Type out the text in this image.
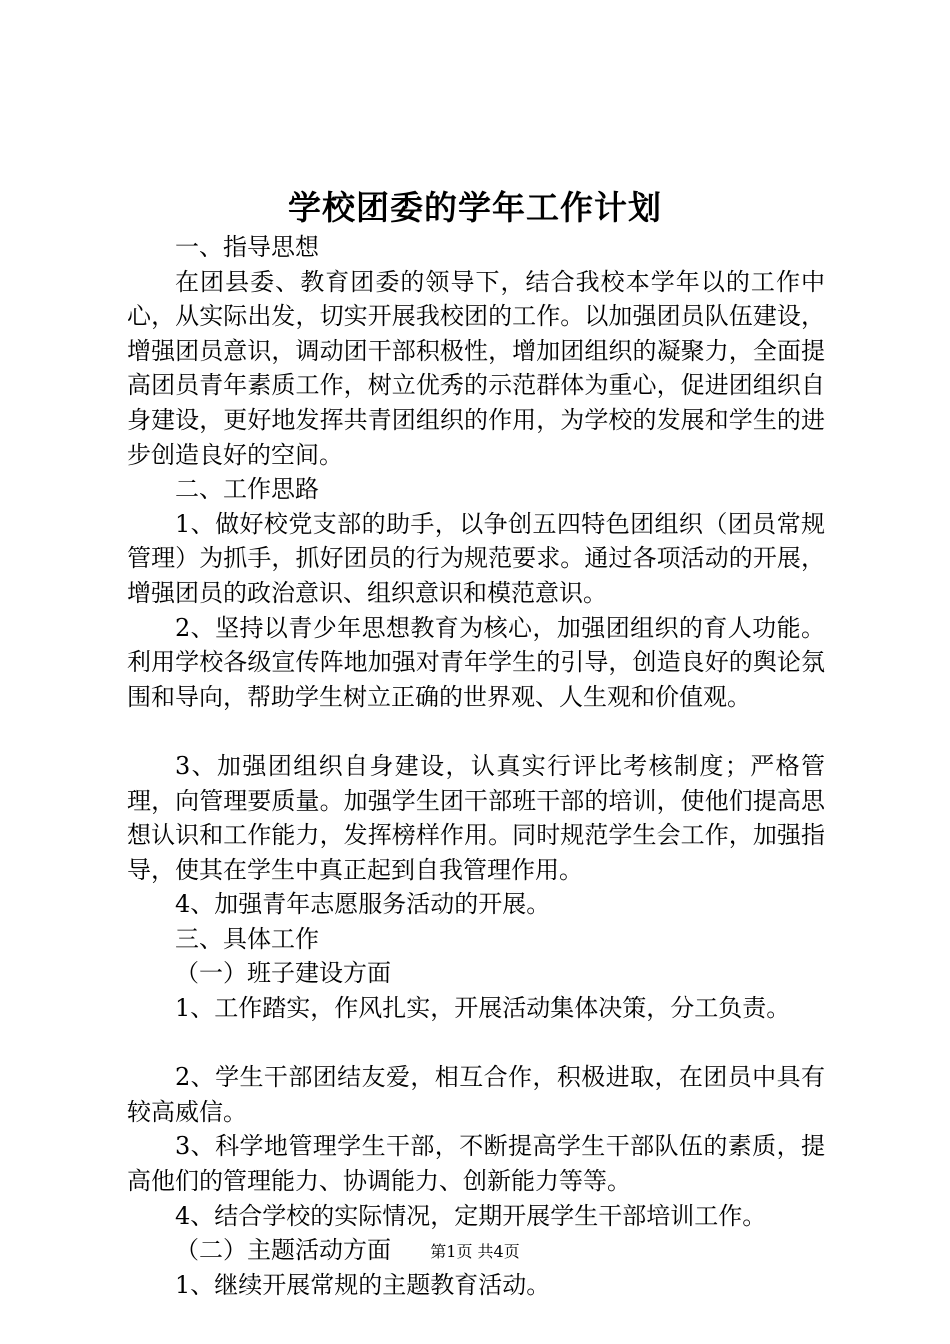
学校团委的学年工作计划

一、指导思想

在团县委、教育团委的领导下，结合我校本学年以的工作中心，从实际出发，切实开展我校团的工作。以加强团员队伍建设，增强团员意识，调动团干部积极性，增加团组织的凝聚力，全面提高团员青年素质工作，树立优秀的示范群体为重心，促进团组织自身建设，更好地发挥共青团组织的作用，为学校的发展和学生的进步创造良好的空间。

二、工作思路

1、做好校党支部的助手，以争创五四特色团组织（团员常规管理）为抓手，抓好团员的行为规范要求。通过各项活动的开展，增强团员的政治意识、组织意识和模范意识。

2、坚持以青少年思想教育为核心，加强团组织的育人功能。利用学校各级宣传阵地加强对青年学生的引导，创造良好的舆论氛围和导向，帮助学生树立正确的世界观、人生观和价值观。

3、加强团组织自身建设，认真实行评比考核制度；严格管理，向管理要质量。加强学生团干部班干部的培训，使他们提高思想认识和工作能力，发挥榜样作用。同时规范学生会工作，加强指导，使其在学生中真正起到自我管理作用。

4、加强青年志愿服务活动的开展。

三、具体工作

（一）班子建设方面

1、工作踏实，作风扎实，开展活动集体决策，分工负责。

2、学生干部团结友爱，相互合作，积极进取，在团员中具有较高威信。

3、科学地管理学生干部，不断提高学生干部队伍的素质，提高他们的管理能力、协调能力、创新能力等等。

4、结合学校的实际情况，定期开展学生干部培训工作。

（二）主题活动方面

1、继续开展常规的主题教育活动。

第1页 共4页
